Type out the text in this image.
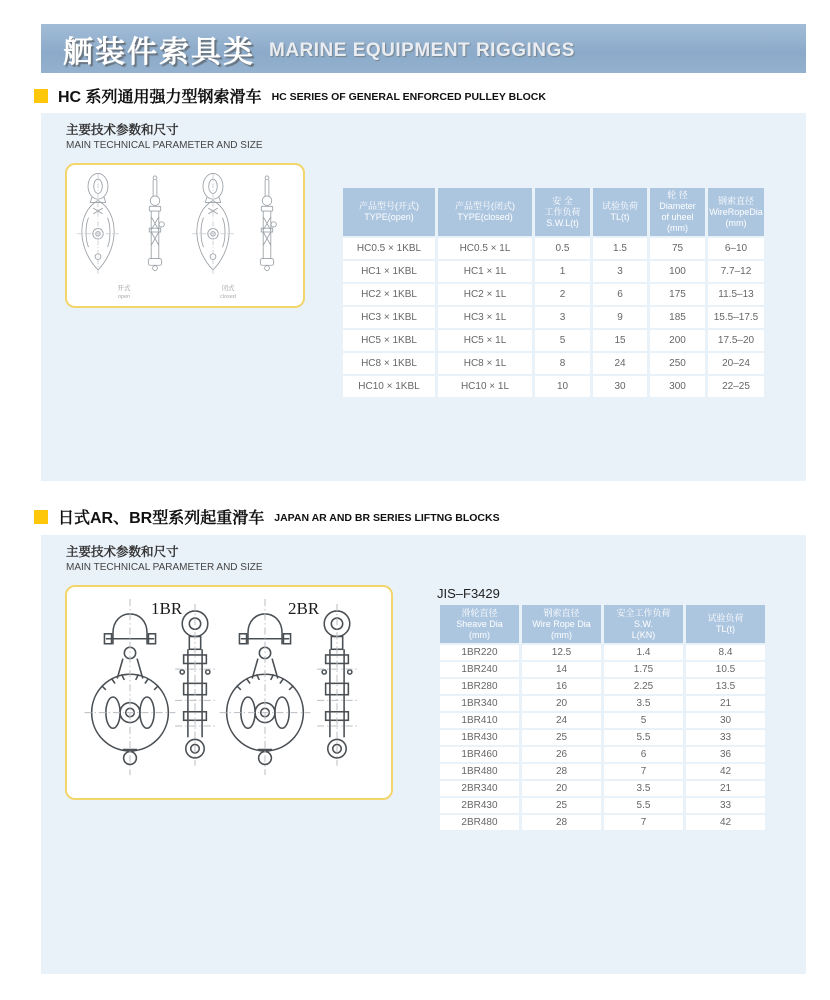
舾装件索具类 MARINE EQUIPMENT RIGGINGS
HC 系列通用强力型钢索滑车 HC SERIES OF GENERAL ENFORCED PULLEY BLOCK
主要技术参数和尺寸
MAIN TECHNICAL PARAMETER AND SIZE
开式
open
闭式
closed
产品型号(开式)
TYPE(open)	产品型号(闭式)
TYPE(closed)	安 全
工作负荷
S.W.L(t)	试验负荷
TL(t)	轮 径
Diameter
of uheel
(mm)	钢索直径
WireRopeDia
(mm)

HC0.5 × 1KBL	HC0.5 × 1L	0.5	1.5	75	6–10
HC1 × 1KBL	HC1 × 1L	1	3	100	7.7–12
HC2 × 1KBL	HC2 × 1L	2	6	175	11.5–13
HC3 × 1KBL	HC3 × 1L	3	9	185	15.5–17.5
HC5 × 1KBL	HC5 × 1L	5	15	200	17.5–20
HC8 × 1KBL	HC8 × 1L	8	24	250	20–24
HC10 × 1KBL	HC10 × 1L	10	30	300	22–25
日式AR、BR型系列起重滑车 JAPAN AR AND BR SERIES LIFTNG BLOCKS
主要技术参数和尺寸
MAIN TECHNICAL PARAMETER AND SIZE
1BR	2BR
JIS–F3429
滑轮直径
Sheave Dia
(mm)	钢索直径
Wire Rope Dia
(mm)	安全工作负荷
S.W.
L(KN)	试验负荷
TL(t)

1BR220	12.5	1.4	8.4
1BR240	14	1.75	10.5
1BR280	16	2.25	13.5
1BR340	20	3.5	21
1BR410	24	5	30
1BR430	25	5.5	33
1BR460	26	6	36
1BR480	28	7	42
2BR340	20	3.5	21
2BR430	25	5.5	33
2BR480	28	7	42
